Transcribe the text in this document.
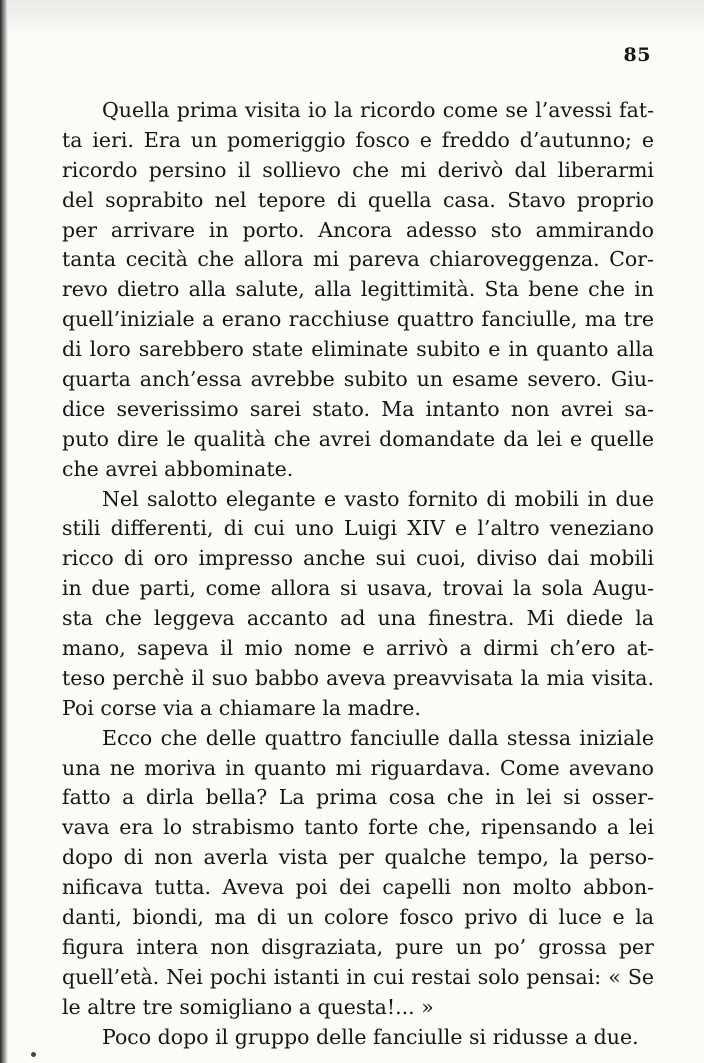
85
Quella prima visita io la ricordo come se l’avessi fat-
ta ieri. Era un pomeriggio fosco e freddo d’autunno; e
ricordo persino il sollievo che mi derivò dal liberarmi
del soprabito nel tepore di quella casa. Stavo proprio
per arrivare in porto. Ancora adesso sto ammirando
tanta cecità che allora mi pareva chiaroveggenza. Cor-
revo dietro alla salute, alla legittimità. Sta bene che in
quell’iniziale a erano racchiuse quattro fanciulle, ma tre
di loro sarebbero state eliminate subito e in quanto alla
quarta anch’essa avrebbe subito un esame severo. Giu-
dice severissimo sarei stato. Ma intanto non avrei sa-
puto dire le qualità che avrei domandate da lei e quelle
che avrei abbominate.
Nel salotto elegante e vasto fornito di mobili in due
stili differenti, di cui uno Luigi XIV e l’altro veneziano
ricco di oro impresso anche sui cuoi, diviso dai mobili
in due parti, come allora si usava, trovai la sola Augu-
sta che leggeva accanto ad una finestra. Mi diede la
mano, sapeva il mio nome e arrivò a dirmi ch’ero at-
teso perchè il suo babbo aveva preavvisata la mia visita.
Poi corse via a chiamare la madre.
Ecco che delle quattro fanciulle dalla stessa iniziale
una ne moriva in quanto mi riguardava. Come avevano
fatto a dirla bella? La prima cosa che in lei si osser-
vava era lo strabismo tanto forte che, ripensando a lei
dopo di non averla vista per qualche tempo, la perso-
nificava tutta. Aveva poi dei capelli non molto abbon-
danti, biondi, ma di un colore fosco privo di luce e la
figura intera non disgraziata, pure un po’ grossa per
quell’età. Nei pochi istanti in cui restai solo pensai: « Se
le altre tre somigliano a questa!... »
Poco dopo il gruppo delle fanciulle si ridusse a due.
